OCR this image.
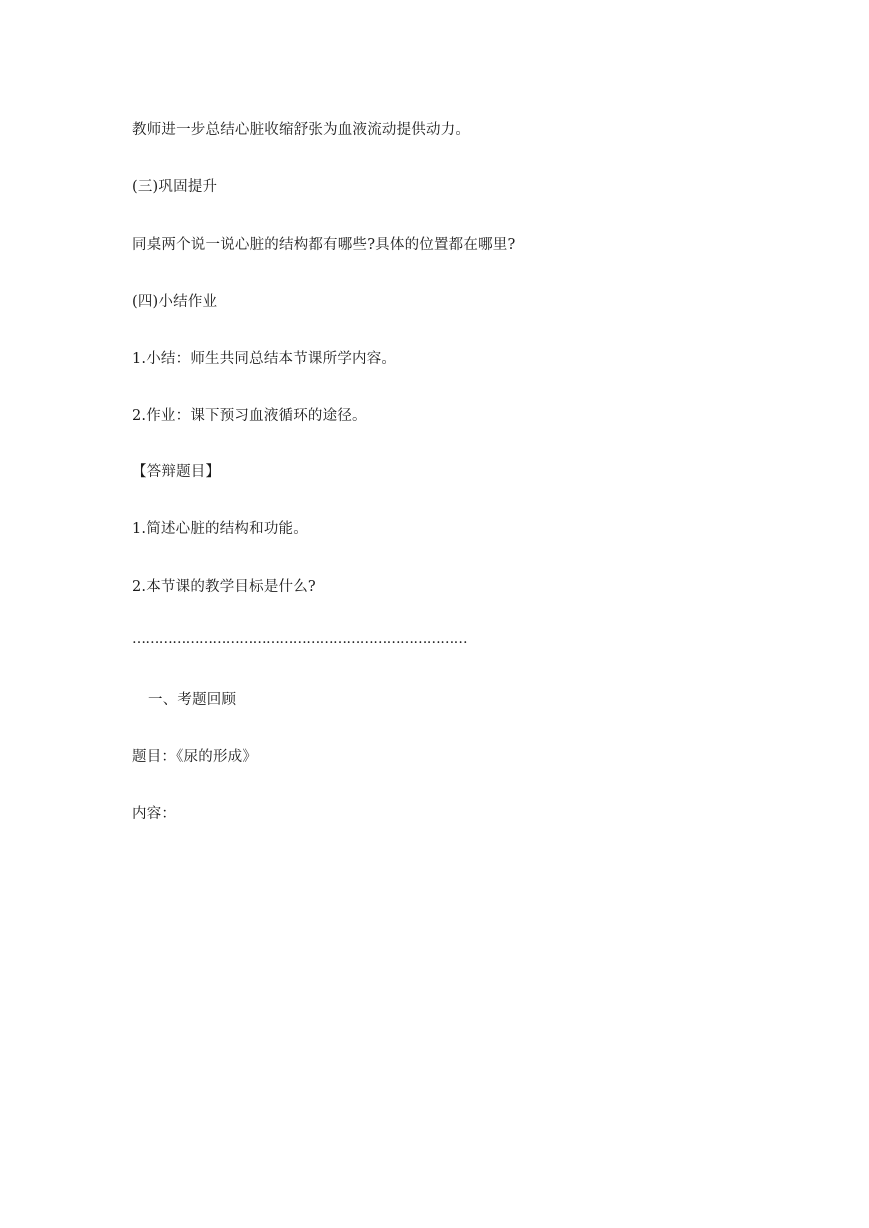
教师进一步总结心脏收缩舒张为血液流动提供动力。
(三)巩固提升
同桌两个说一说心脏的结构都有哪些?具体的位置都在哪里?
(四)小结作业
1.小结：师生共同总结本节课所学内容。
2.作业：课下预习血液循环的途径。
【答辩题目】
1.简述心脏的结构和功能。
2.本节课的教学目标是什么?
…………………………………………………………………
一、考题回顾
题目：《尿的形成》
内容：
